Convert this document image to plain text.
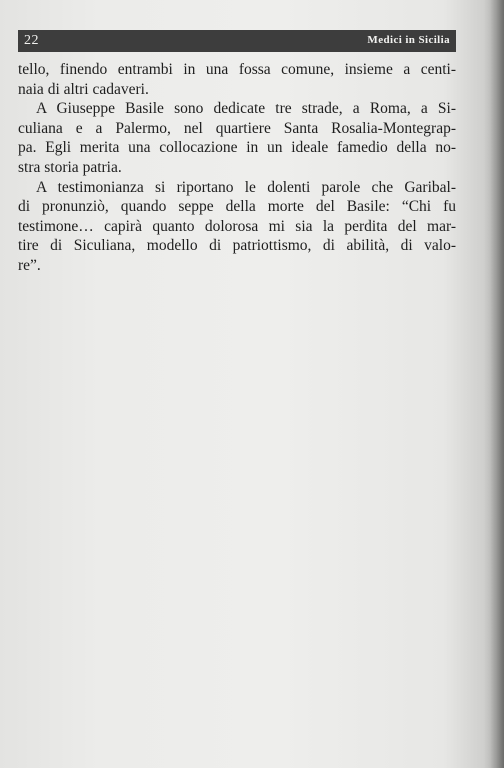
22	Medici in Sicilia
tello, finendo entrambi in una fossa comune, insieme a centi-
naia di altri cadaveri.
A Giuseppe Basile sono dedicate tre strade, a Roma, a Si-
culiana e a Palermo, nel quartiere Santa Rosalia-Montegrap-
pa. Egli merita una collocazione in un ideale famedio della no-
stra storia patria.
A testimonianza si riportano le dolenti parole che Garibal-
di pronunziò, quando seppe della morte del Basile: “Chi fu
testimone… capirà quanto dolorosa mi sia la perdita del mar-
tire di Siculiana, modello di patriottismo, di abilità, di valo-
re”.
